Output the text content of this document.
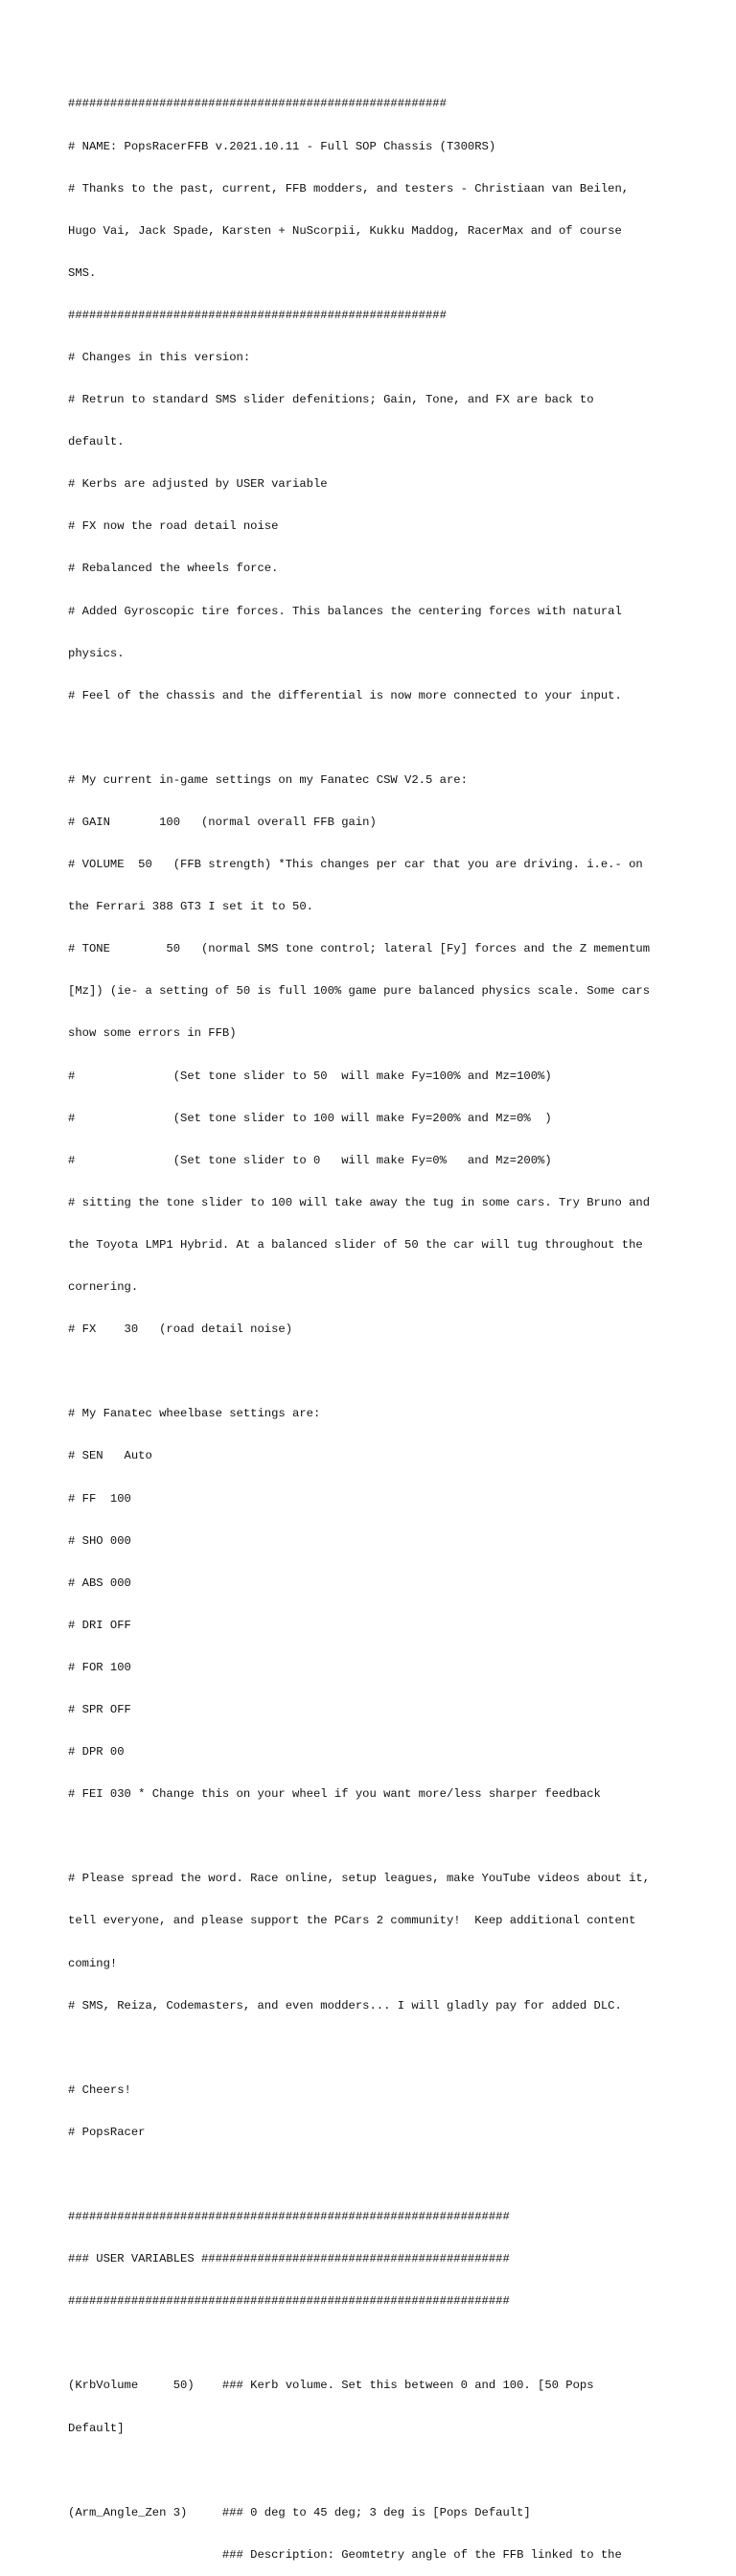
######################################################

# NAME: PopsRacerFFB v.2021.10.11 - Full SOP Chassis (T300RS)

# Thanks to the past, current, FFB modders, and testers - Christiaan van Beilen,

Hugo Vai, Jack Spade, Karsten + NuScorpii, Kukku Maddog, RacerMax and of course

SMS.

######################################################

# Changes in this version:

# Retrun to standard SMS slider defenitions; Gain, Tone, and FX are back to

default.

# Kerbs are adjusted by USER variable

# FX now the road detail noise

# Rebalanced the wheels force.

# Added Gyroscopic tire forces. This balances the centering forces with natural

physics.

# Feel of the chassis and the differential is now more connected to your input.

# My current in-game settings on my Fanatec CSW V2.5 are:

# GAIN       100   (normal overall FFB gain)

# VOLUME  50   (FFB strength) *This changes per car that you are driving. i.e.- on

the Ferrari 388 GT3 I set it to 50.

# TONE        50   (normal SMS tone control; lateral [Fy] forces and the Z mementum

[Mz]) (ie- a setting of 50 is full 100% game pure balanced physics scale. Some cars

show some errors in FFB)

#              (Set tone slider to 50  will make Fy=100% and Mz=100%)

#              (Set tone slider to 100 will make Fy=200% and Mz=0%  )

#              (Set tone slider to 0   will make Fy=0%   and Mz=200%)

# sitting the tone slider to 100 will take away the tug in some cars. Try Bruno and

the Toyota LMP1 Hybrid. At a balanced slider of 50 the car will tug throughout the

cornering.

# FX    30   (road detail noise)

# My Fanatec wheelbase settings are:

# SEN   Auto

# FF  100

# SHO 000

# ABS 000

# DRI OFF

# FOR 100

# SPR OFF

# DPR 00

# FEI 030 * Change this on your wheel if you want more/less sharper feedback

# Please spread the word. Race online, setup leagues, make YouTube videos about it,

tell everyone, and please support the PCars 2 community!  Keep additional content

coming!

# SMS, Reiza, Codemasters, and even modders... I will gladly pay for added DLC.

# Cheers!

# PopsRacer

###############################################################

### USER VARIABLES ############################################

###############################################################

(KrbVolume     50)    ### Kerb volume. Set this between 0 and 100. [50 Pops

Default]

(Arm_Angle_Zen 3)     ### 0 deg to 45 deg; 3 deg is [Pops Default]

### Description: Geomtetry angle of the FFB linked to the
